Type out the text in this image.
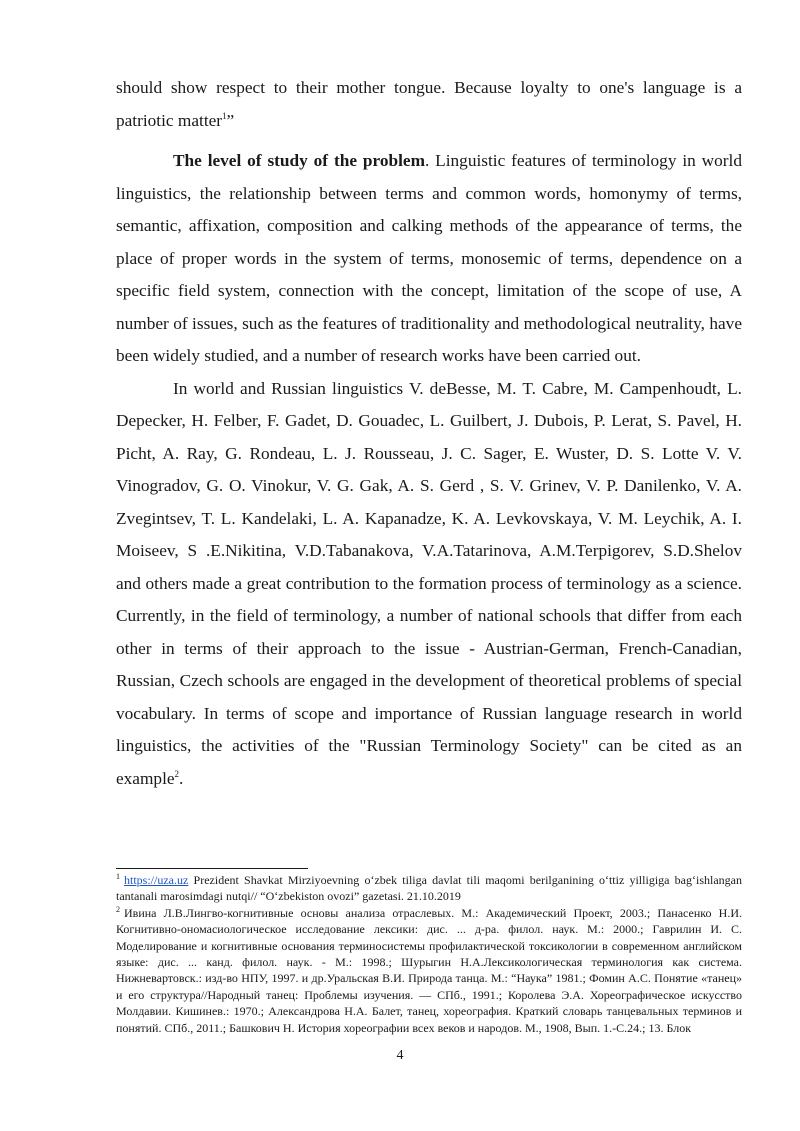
should show respect to their mother tongue. Because loyalty to one's language is a patriotic matter$^1$”

The level of study of the problem. Linguistic features of terminology in world linguistics, the relationship between terms and common words, homonymy of terms, semantic, affixation, composition and calking methods of the appearance of terms, the place of proper words in the system of terms, monosemic of terms, dependence on a specific field system, connection with the concept, limitation of the scope of use, A number of issues, such as the features of traditionality and methodological neutrality, have been widely studied, and a number of research works have been carried out.

In world and Russian linguistics V. deBesse, M. T. Cabre, M. Campenhoudt, L. Depecker, H. Felber, F. Gadet, D. Gouadec, L. Guilbert, J. Dubois, P. Lerat, S. Pavel, H. Picht, A. Ray, G. Rondeau, L. J. Rousseau, J. C. Sager, E. Wuster, D. S. Lotte V. V. Vinogradov, G. O. Vinokur, V. G. Gak, A. S. Gerd , S. V. Grinev, V. P. Danilenko, V. A. Zvegintsev, T. L. Kandelaki, L. A. Kapanadze, K. A. Levkovskaya, V. M. Leychik, A. I. Moiseev, S .E.Nikitina, V.D.Tabanakova, V.A.Tatarinova, A.M.Terpigorev, S.D.Shelov and others made a great contribution to the formation process of terminology as a science. Currently, in the field of terminology, a number of national schools that differ from each other in terms of their approach to the issue - Austrian-German, French-Canadian, Russian, Czech schools are engaged in the development of theoretical problems of special vocabulary. In terms of scope and importance of Russian language research in world linguistics, the activities of the "Russian Terminology Society" can be cited as an example$^2$.

$^1$ https://uza.uz Prezident Shavkat Mirziyoevning o‘zbek tiliga davlat tili maqomi berilganining o‘ttiz yilligiga bag‘ishlangan tantanali marosimdagi nutqi// “O‘zbekiston ovozi” gazetasi. 21.10.2019

$^2$ Ивина Л.В.Лингво-когнитивные основы анализа отраслевых. М.: Академический Проект, 2003.; Панасенко Н.И. Когнитивно-ономасиологическое исследование лексики: дис. ... д-ра. филол. наук. М.: 2000.; Гаврилин И. С. Моделирование и когнитивные основания терминосистемы профилактической токсикологии в современном английском языке: дис. ... канд. филол. наук. - М.: 1998.; Шурыгин Н.А.Лексикологическая терминология как система. Нижневартовск.: изд-во НПУ, 1997. и др.Уральская В.И. Природа танца. М.: “Наука” 1981.; Фомин А.С. Понятие «танец» и его структура//Народный танец: Проблемы изучения. — СПб., 1991.; Королева Э.А. Хореографическое искусство Молдавии. Кишинев.: 1970.; Александрова Н.А. Балет, танец, хореография. Краткий словарь танцевальных терминов и понятий. СПб., 2011.; Башкович Н. История хореографии всех веков и народов. М., 1908, Вып. 1.-С.24.; 13. Блок

4
